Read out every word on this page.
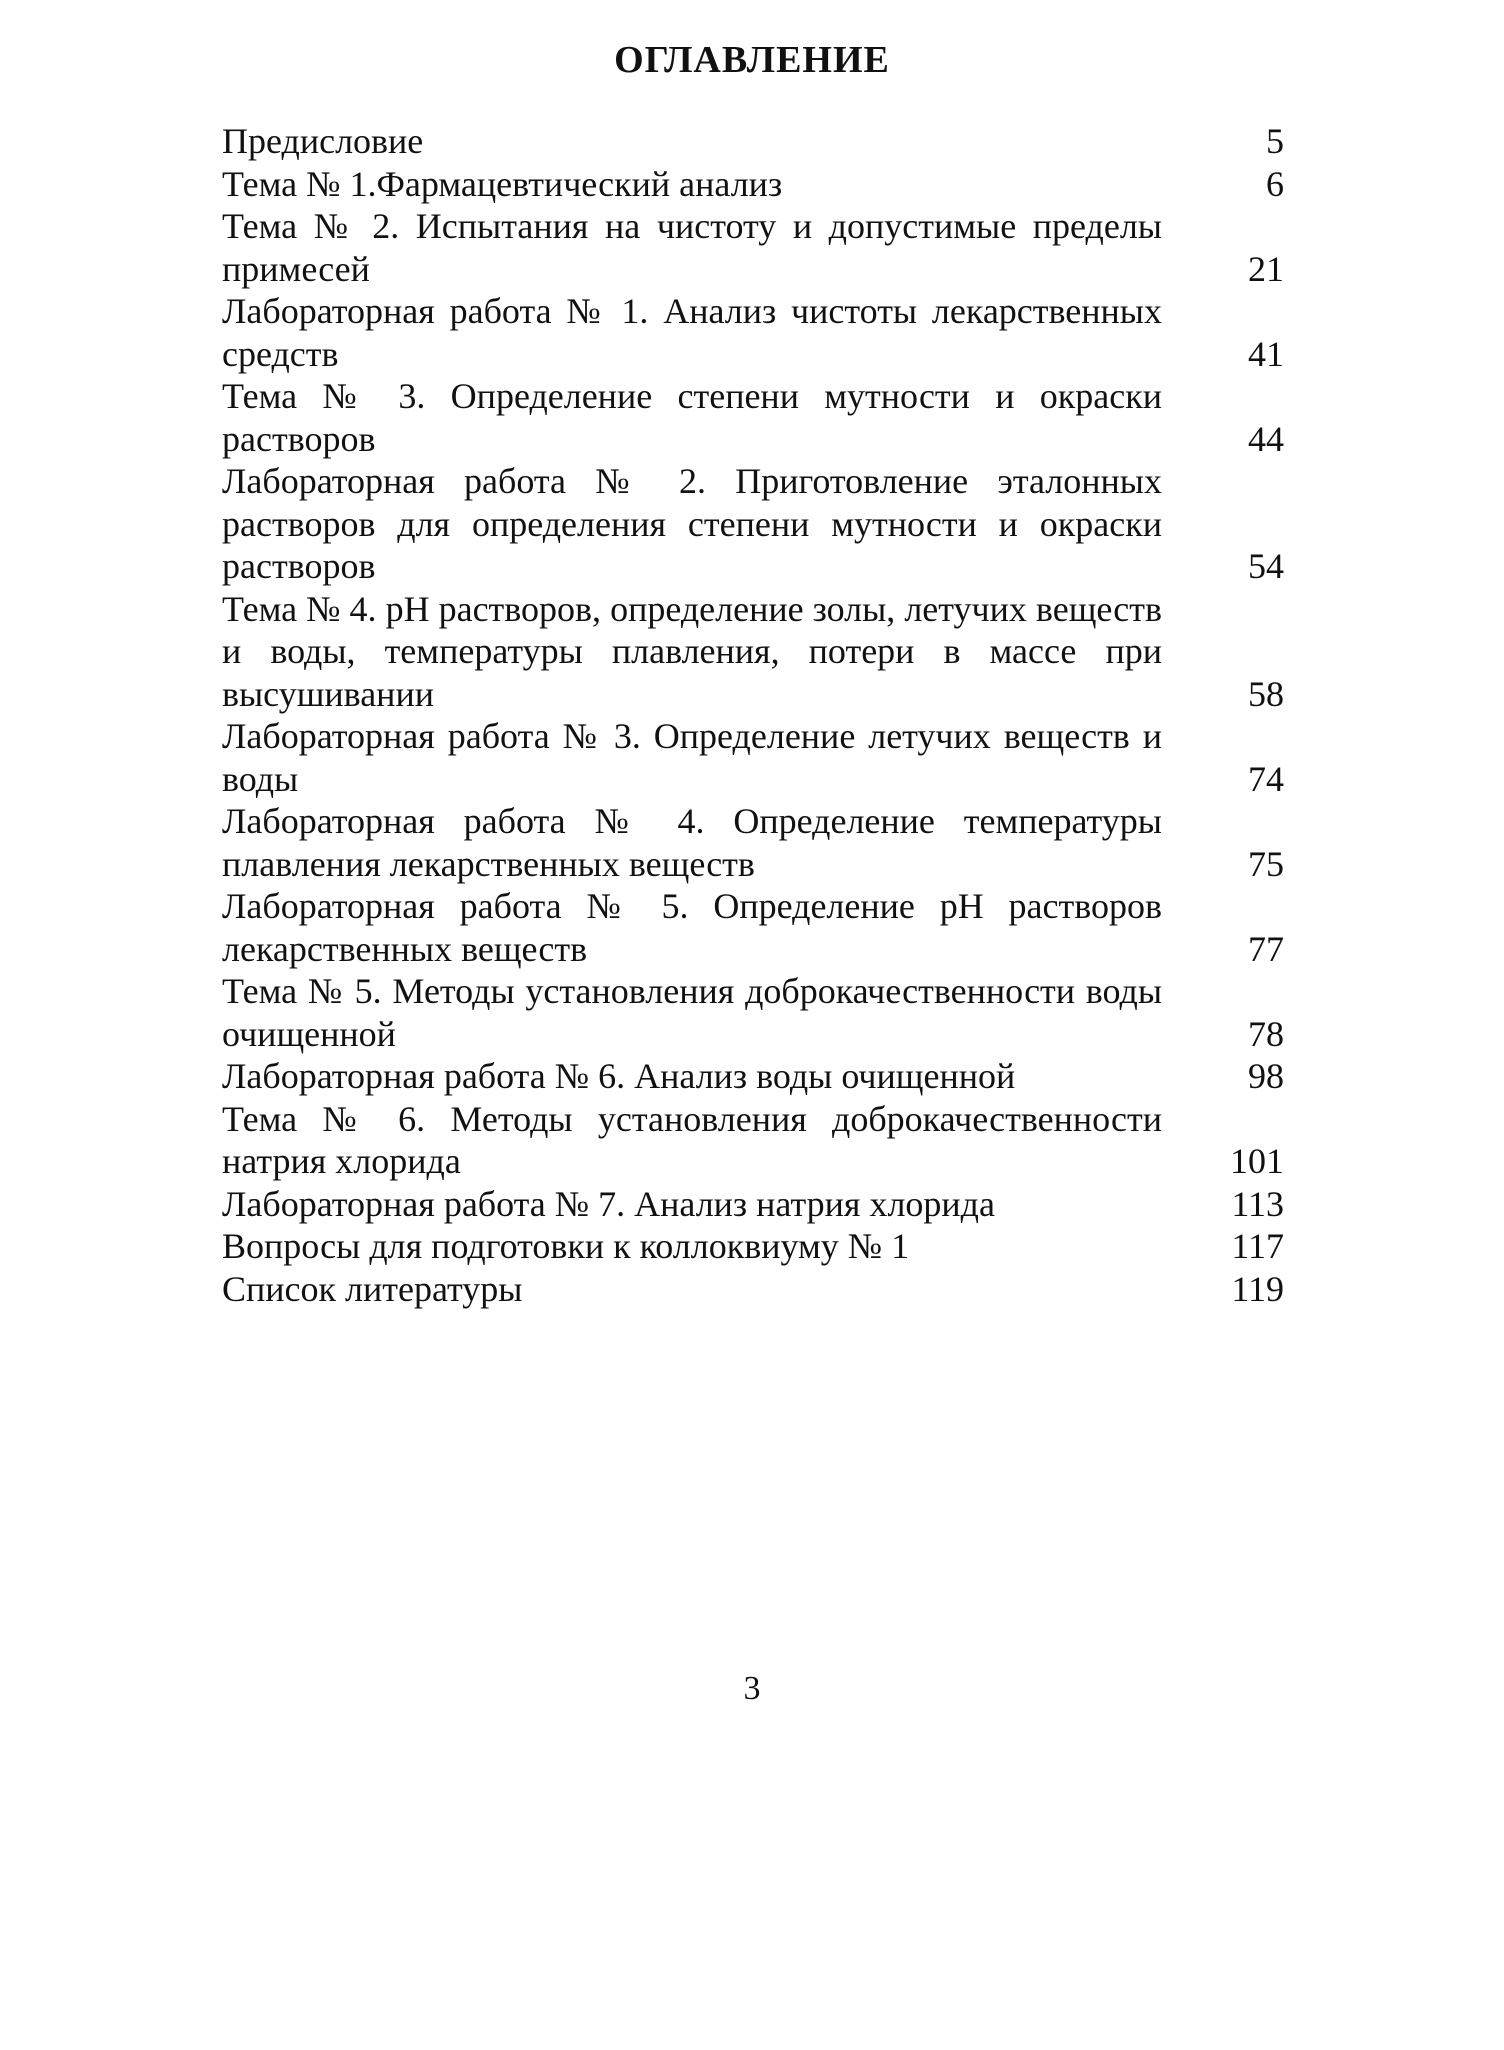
ОГЛАВЛЕНИЕ
Предисловие	5
Тема № 1.Фармацевтический анализ	6
Тема № 2. Испытания на чистоту и допустимые пределы примесей	21
Лабораторная работа № 1. Анализ чистоты лекарственных средств	41
Тема № 3. Определение степени мутности и окраски растворов	44
Лабораторная работа № 2. Приготовление эталонных растворов для определения степени мутности и окраски растворов	54
Тема № 4. pH растворов, определение золы, летучих веществ и воды, температуры плавления, потери в массе при высушивании	58
Лабораторная работа № 3. Определение летучих веществ и воды	74
Лабораторная работа № 4. Определение температуры плавления лекарственных веществ	75
Лабораторная работа № 5. Определение pH растворов лекарственных веществ	77
Тема № 5. Методы установления доброкачественности воды очищенной	78
Лабораторная работа № 6. Анализ воды очищенной	98
Тема № 6. Методы установления доброкачественности натрия хлорида	101
Лабораторная работа № 7. Анализ натрия хлорида	113
Вопросы для подготовки к коллоквиуму № 1	117
Список литературы	119
3
